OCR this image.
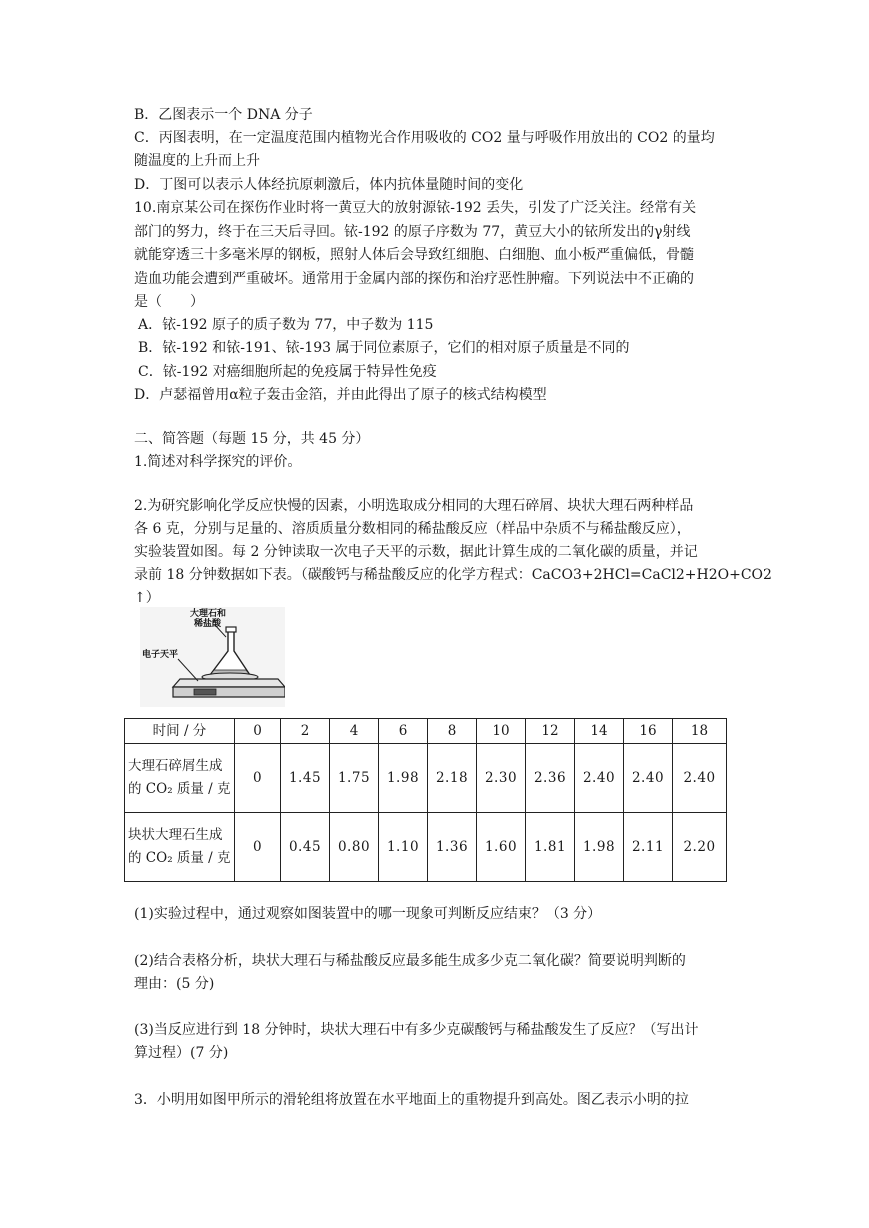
B．乙图表示一个 DNA 分子
C．丙图表明，在一定温度范围内植物光合作用吸收的 CO2 量与呼吸作用放出的 CO2 的量均
随温度的上升而上升
D．丁图可以表示人体经抗原刺激后，体内抗体量随时间的变化
10.南京某公司在探伤作业时将一黄豆大的放射源铱-192 丢失，引发了广泛关注。经常有关
部门的努力，终于在三天后寻回。铱-192 的原子序数为 77，黄豆大小的铱所发出的γ射线
就能穿透三十多毫米厚的钢板，照射人体后会导致红细胞、白细胞、血小板严重偏低，骨髓
造血功能会遭到严重破坏。通常用于金属内部的探伤和治疗恶性肿瘤。下列说法中不正确的
是（　　）
A．铱-192 原子的质子数为 77，中子数为 115
B．铱-192 和铱-191、铱-193 属于同位素原子，它们的相对原子质量是不同的
C．铱-192 对癌细胞所起的免疫属于特异性免疫
D．卢瑟福曾用α粒子轰击金箔，并由此得出了原子的核式结构模型
二、简答题（每题 15 分，共 45 分）
1.简述对科学探究的评价。
2.为研究影响化学反应快慢的因素，小明选取成分相同的大理石碎屑、块状大理石两种样品
各 6 克，分别与足量的、溶质质量分数相同的稀盐酸反应（样品中杂质不与稀盐酸反应），
实验装置如图。每 2 分钟读取一次电子天平的示数，据此计算生成的二氧化碳的质量，并记
录前 18 分钟数据如下表。（碳酸钙与稀盐酸反应的化学方程式：CaCO3+2HCl=CaCl2+H2O+CO2
↑）
大理石和
稀盐酸
电子天平
时间 / 分	0	2	4	6	8	10	12	14	16	18
大理石碎屑生成的 CO₂ 质量 / 克	0	1.45	1.75	1.98	2.18	2.30	2.36	2.40	2.40	2.40
块状大理石生成的 CO₂ 质量 / 克	0	0.45	0.80	1.10	1.36	1.60	1.81	1.98	2.11	2.20
(1)实验过程中，通过观察如图装置中的哪一现象可判断反应结束？（3 分）
(2)结合表格分析，块状大理石与稀盐酸反应最多能生成多少克二氧化碳？简要说明判断的
理由：(5 分)
(3)当反应进行到 18 分钟时，块状大理石中有多少克碳酸钙与稀盐酸发生了反应？（写出计
算过程）(7 分)
3．小明用如图甲所示的滑轮组将放置在水平地面上的重物提升到高处。图乙表示小明的拉
